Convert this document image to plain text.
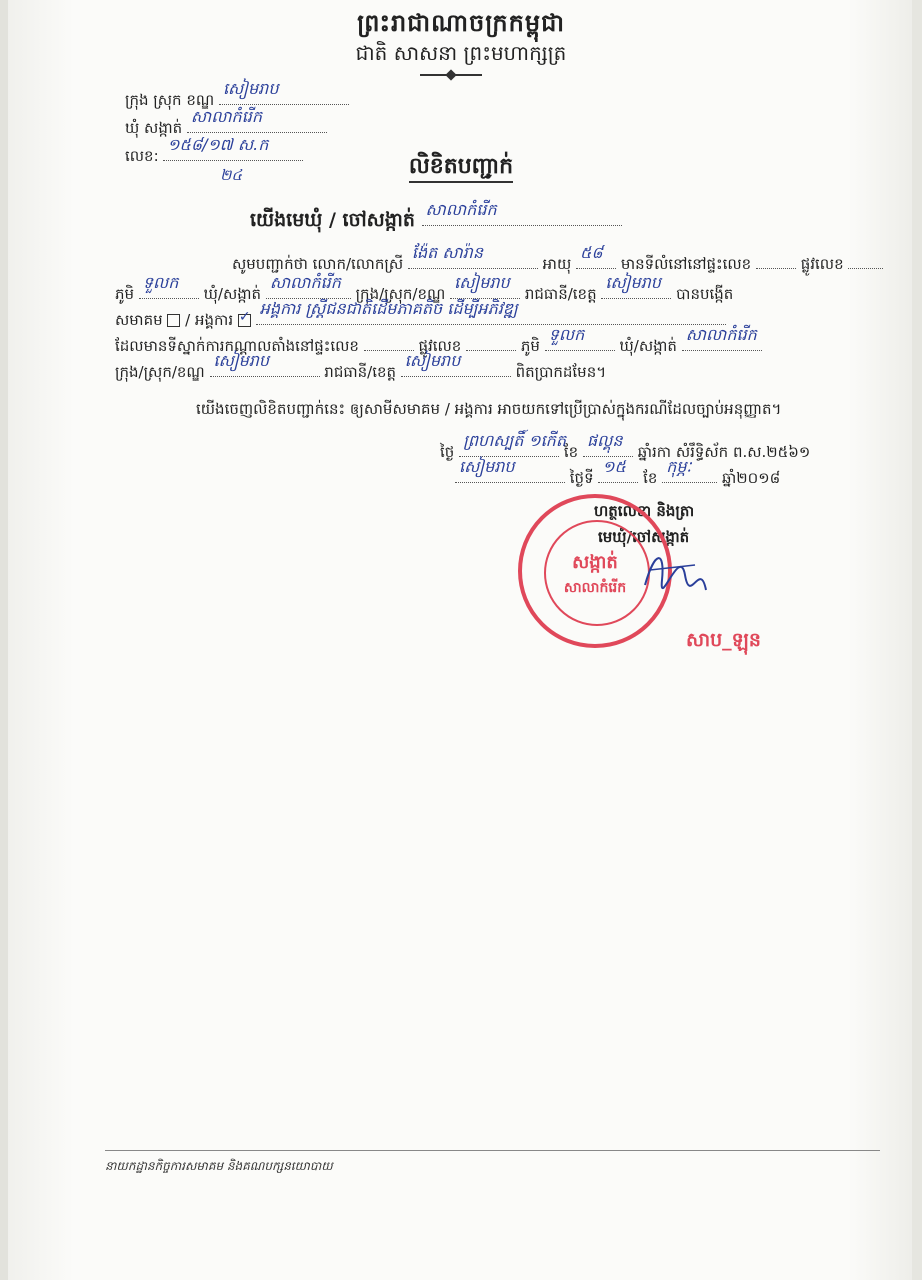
ព្រះរាជាណាចក្រកម្ពុជា
ជាតិ សាសនា ព្រះមហាក្សត្រ
ក្រុង ស្រុក ខណ្ឌ
សៀមរាប
ឃុំ សង្កាត់
សាលាកំរើក
លេខ:
១៥៨/១៧ ស.ក
២៤	លិខិតបញ្ជាក់
យើងមេឃុំ / ចៅសង្កាត់ សាលាកំរើក
សូមបញ្ជាក់ថា លោក/លោកស្រី
ង៉ែត សារ៉ាន
អាយុ
៥៨
មានទីលំនៅនៅផ្ទះលេខ	ផ្លូវលេខ
ភូមិ
ទួលក
ឃុំ/សង្កាត់
សាលាកំរើក
ក្រុង/ស្រុក/ខណ្ឌ
សៀមរាប
រាជធានី/ខេត្ត
សៀមរាប
បានបង្កើត
សមាគម / អង្គការ ✓
អង្គការ ស្ត្រីជនជាតិដើមភាគតិច ដើម្បីអភិវឌ្ឍ
ដែលមានទីស្នាក់ការកណ្តាលតាំងនៅផ្ទះលេខ	ផ្លូវលេខ	ភូមិ
ទួលក
ឃុំ/សង្កាត់
សាលាកំរើក
ក្រុង/ស្រុក/ខណ្ឌ
សៀមរាប
រាជធានី/ខេត្ត
សៀមរាប
ពិតប្រាកដមែន។
យើងចេញលិខិតបញ្ជាក់នេះ ឲ្យសាមីសមាគម / អង្គការ អាចយកទៅប្រើប្រាស់ក្នុងករណីដែលច្បាប់អនុញ្ញាត។
ថ្ងៃ
ព្រហស្បតិ៍ ១កើត
ខែ
ផល្គុន
ឆ្នាំរកា សំរឹទ្ធិស័ក ព.ស.២៥៦១
សៀមរាប
ថ្ងៃទី
១៥
ខែ
កុម្ភៈ
ឆ្នាំ២០១៨
ហត្ថលេខា និងត្រា
មេឃុំ/ចៅសង្កាត់
សង្កាត់
សាលាកំរើក
សាប_ឡុន
នាយកដ្ឋានកិច្ចការសមាគម និងគណបក្សនយោបាយ
